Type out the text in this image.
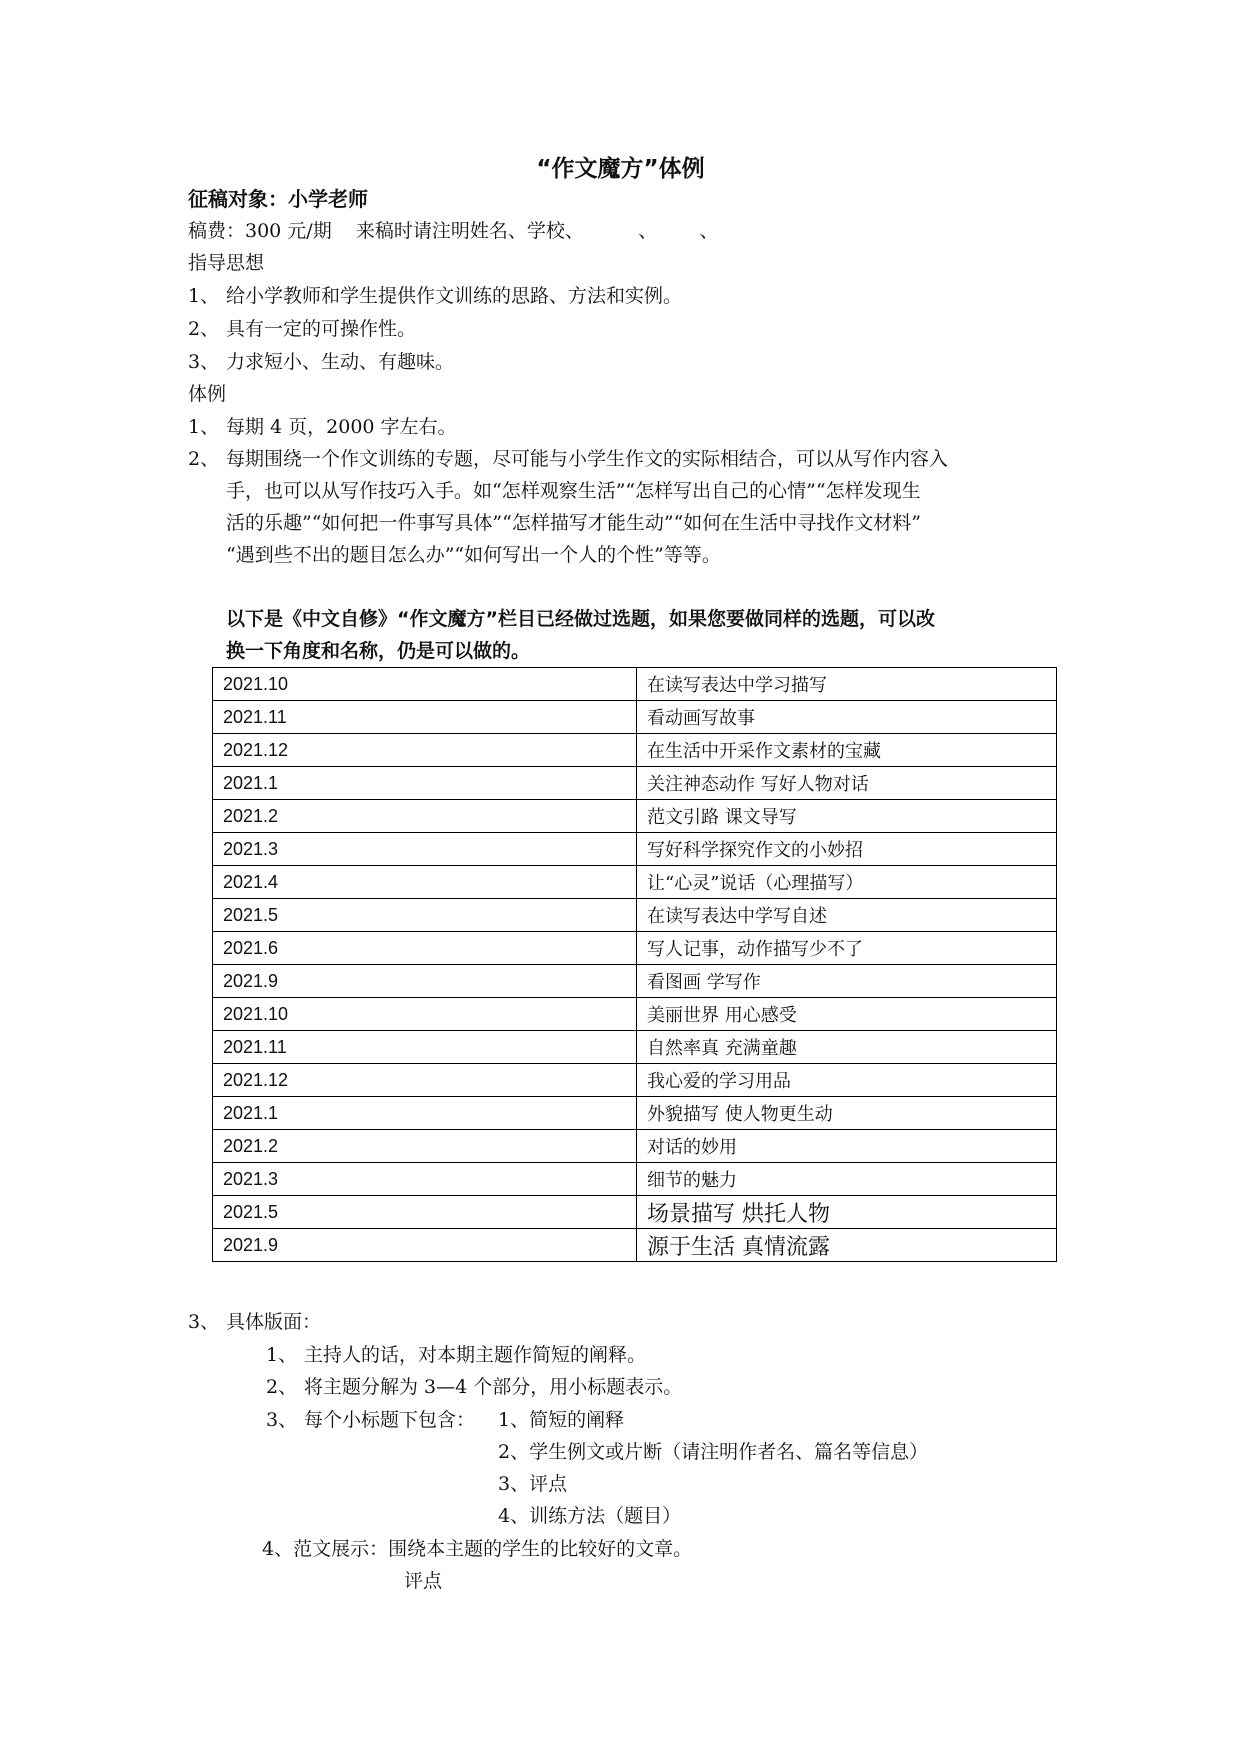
“作文魔方”体例
征稿对象：小学老师
稿费：300 元/期    来稿时请注明姓名、学校、         、       、
指导思想
1、 给小学教师和学生提供作文训练的思路、方法和实例。
2、 具有一定的可操作性。
3、 力求短小、生动、有趣味。
体例
1、 每期 4 页，2000 字左右。
2、 每期围绕一个作文训练的专题，尽可能与小学生作文的实际相结合，可以从写作内容入
手，也可以从写作技巧入手。如“怎样观察生活”“怎样写出自己的心情”“怎样发现生
活的乐趣”“如何把一件事写具体”“怎样描写才能生动”“如何在生活中寻找作文材料”
“遇到些不出的题目怎么办”“如何写出一个人的个性”等等。
以下是《中文自修》“作文魔方”栏目已经做过选题，如果您要做同样的选题，可以改
换一下角度和名称，仍是可以做的。
2021.10	在读写表达中学习描写
2021.11	看动画写故事
2021.12	在生活中开采作文素材的宝藏
2021.1	关注神态动作 写好人物对话
2021.2	范文引路 课文导写
2021.3	写好科学探究作文的小妙招
2021.4	让“心灵”说话（心理描写）
2021.5	在读写表达中学写自述
2021.6	写人记事，动作描写少不了
2021.9	看图画 学写作
2021.10	美丽世界 用心感受
2021.11	自然率真 充满童趣
2021.12	我心爱的学习用品
2021.1	外貌描写 使人物更生动
2021.2	对话的妙用
2021.3	细节的魅力
2021.5	场景描写 烘托人物
2021.9	源于生活 真情流露
3、 具体版面：
1、 主持人的话，对本期主题作简短的阐释。
2、 将主题分解为 3—4 个部分，用小标题表示。
3、 每个小标题下包含： 1、简短的阐释
2、学生例文或片断（请注明作者名、篇名等信息）
3、评点
4、训练方法（题目）
4、范文展示：围绕本主题的学生的比较好的文章。
评点
